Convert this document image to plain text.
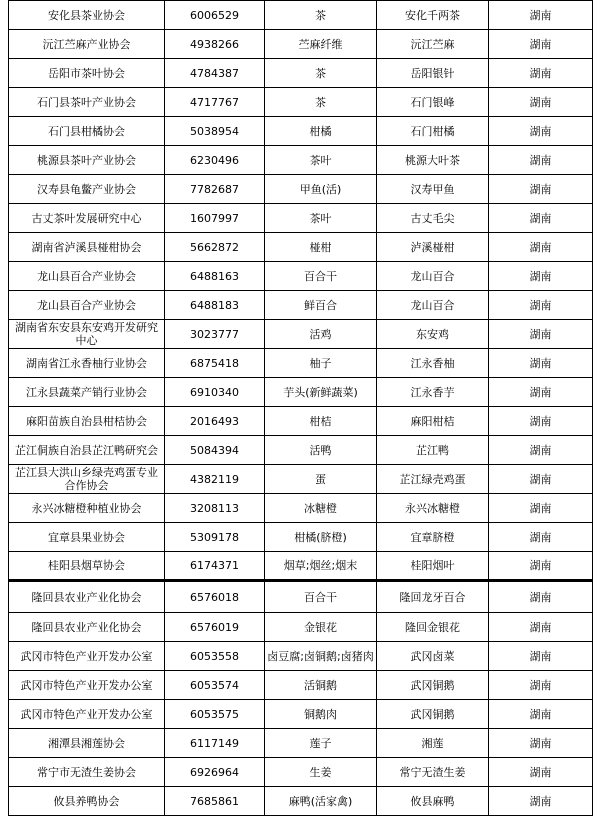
安化县茶业协会	6006529	茶	安化千两茶	湖南
沅江苎麻产业协会	4938266	苎麻纤维	沅江苎麻	湖南
岳阳市茶叶协会	4784387	茶	岳阳银针	湖南
石门县茶叶产业协会	4717767	茶	石门银峰	湖南
石门县柑橘协会	5038954	柑橘	石门柑橘	湖南
桃源县茶叶产业协会	6230496	茶叶	桃源大叶茶	湖南
汉寿县龟鳖产业协会	7782687	甲鱼(活)	汉寿甲鱼	湖南
古丈茶叶发展研究中心	1607997	茶叶	古丈毛尖	湖南
湖南省泸溪县椪柑协会	5662872	椪柑	泸溪椪柑	湖南
龙山县百合产业协会	6488163	百合干	龙山百合	湖南
龙山县百合产业协会	6488183	鲜百合	龙山百合	湖南
湖南省东安县东安鸡开发研究中心	3023777	活鸡	东安鸡	湖南
湖南省江永香柚行业协会	6875418	柚子	江永香柚	湖南
江永县蔬菜产销行业协会	6910340	芋头(新鲜蔬菜)	江永香芋	湖南
麻阳苗族自治县柑桔协会	2016493	柑桔	麻阳柑桔	湖南
芷江侗族自治县芷江鸭研究会	5084394	活鸭	芷江鸭	湖南
芷江县大洪山乡绿壳鸡蛋专业合作协会	4382119	蛋	芷江绿壳鸡蛋	湖南
永兴冰糖橙种植业协会	3208113	冰糖橙	永兴冰糖橙	湖南
宜章县果业协会	5309178	柑橘(脐橙)	宜章脐橙	湖南
桂阳县烟草协会	6174371	烟草;烟丝;烟末	桂阳烟叶	湖南
隆回县农业产业化协会	6576018	百合干	隆回龙牙百合	湖南
隆回县农业产业化协会	6576019	金银花	隆回金银花	湖南
武冈市特色产业开发办公室	6053558	卤豆腐;卤铜鹅;卤猪肉	武冈卤菜	湖南
武冈市特色产业开发办公室	6053574	活铜鹅	武冈铜鹅	湖南
武冈市特色产业开发办公室	6053575	铜鹅肉	武冈铜鹅	湖南
湘潭县湘莲协会	6117149	莲子	湘莲	湖南
常宁市无渣生姜协会	6926964	生姜	常宁无渣生姜	湖南
攸县养鸭协会	7685861	麻鸭(活家禽)	攸县麻鸭	湖南
